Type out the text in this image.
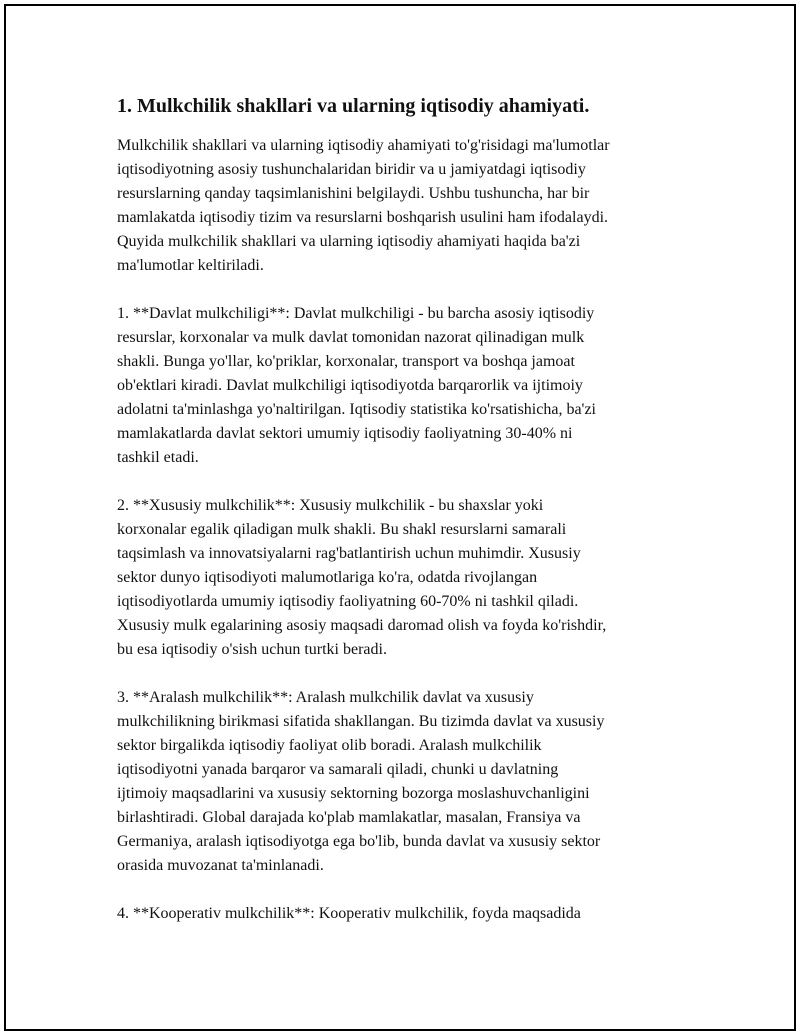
1. Mulkchilik shakllari va ularning iqtisodiy ahamiyati.

Mulkchilik shakllari va ularning iqtisodiy ahamiyati to'g'risidagi ma'lumotlar
iqtisodiyotning asosiy tushunchalaridan biridir va u jamiyatdagi iqtisodiy
resurslarning qanday taqsimlanishini belgilaydi. Ushbu tushuncha, har bir
mamlakatda iqtisodiy tizim va resurslarni boshqarish usulini ham ifodalaydi.
Quyida mulkchilik shakllari va ularning iqtisodiy ahamiyati haqida ba'zi
ma'lumotlar keltiriladi.

1. **Davlat mulkchiligi**: Davlat mulkchiligi - bu barcha asosiy iqtisodiy
resurslar, korxonalar va mulk davlat tomonidan nazorat qilinadigan mulk
shakli. Bunga yo'llar, ko'priklar, korxonalar, transport va boshqa jamoat
ob'ektlari kiradi. Davlat mulkchiligi iqtisodiyotda barqarorlik va ijtimoiy
adolatni ta'minlashga yo'naltirilgan. Iqtisodiy statistika ko'rsatishicha, ba'zi
mamlakatlarda davlat sektori umumiy iqtisodiy faoliyatning 30-40% ni
tashkil etadi.

2. **Xususiy mulkchilik**: Xususiy mulkchilik - bu shaxslar yoki
korxonalar egalik qiladigan mulk shakli. Bu shakl resurslarni samarali
taqsimlash va innovatsiyalarni rag'batlantirish uchun muhimdir. Xususiy
sektor dunyo iqtisodiyoti malumotlariga ko'ra, odatda rivojlangan
iqtisodiyotlarda umumiy iqtisodiy faoliyatning 60-70% ni tashkil qiladi.
Xususiy mulk egalarining asosiy maqsadi daromad olish va foyda ko'rishdir,
bu esa iqtisodiy o'sish uchun turtki beradi.

3. **Aralash mulkchilik**: Aralash mulkchilik davlat va xususiy
mulkchilikning birikmasi sifatida shakllangan. Bu tizimda davlat va xususiy
sektor birgalikda iqtisodiy faoliyat olib boradi. Aralash mulkchilik
iqtisodiyotni yanada barqaror va samarali qiladi, chunki u davlatning
ijtimoiy maqsadlarini va xususiy sektorning bozorga moslashuvchanligini
birlashtiradi. Global darajada ko'plab mamlakatlar, masalan, Fransiya va
Germaniya, aralash iqtisodiyotga ega bo'lib, bunda davlat va xususiy sektor
orasida muvozanat ta'minlanadi.

4. **Kooperativ mulkchilik**: Kooperativ mulkchilik, foyda maqsadida
